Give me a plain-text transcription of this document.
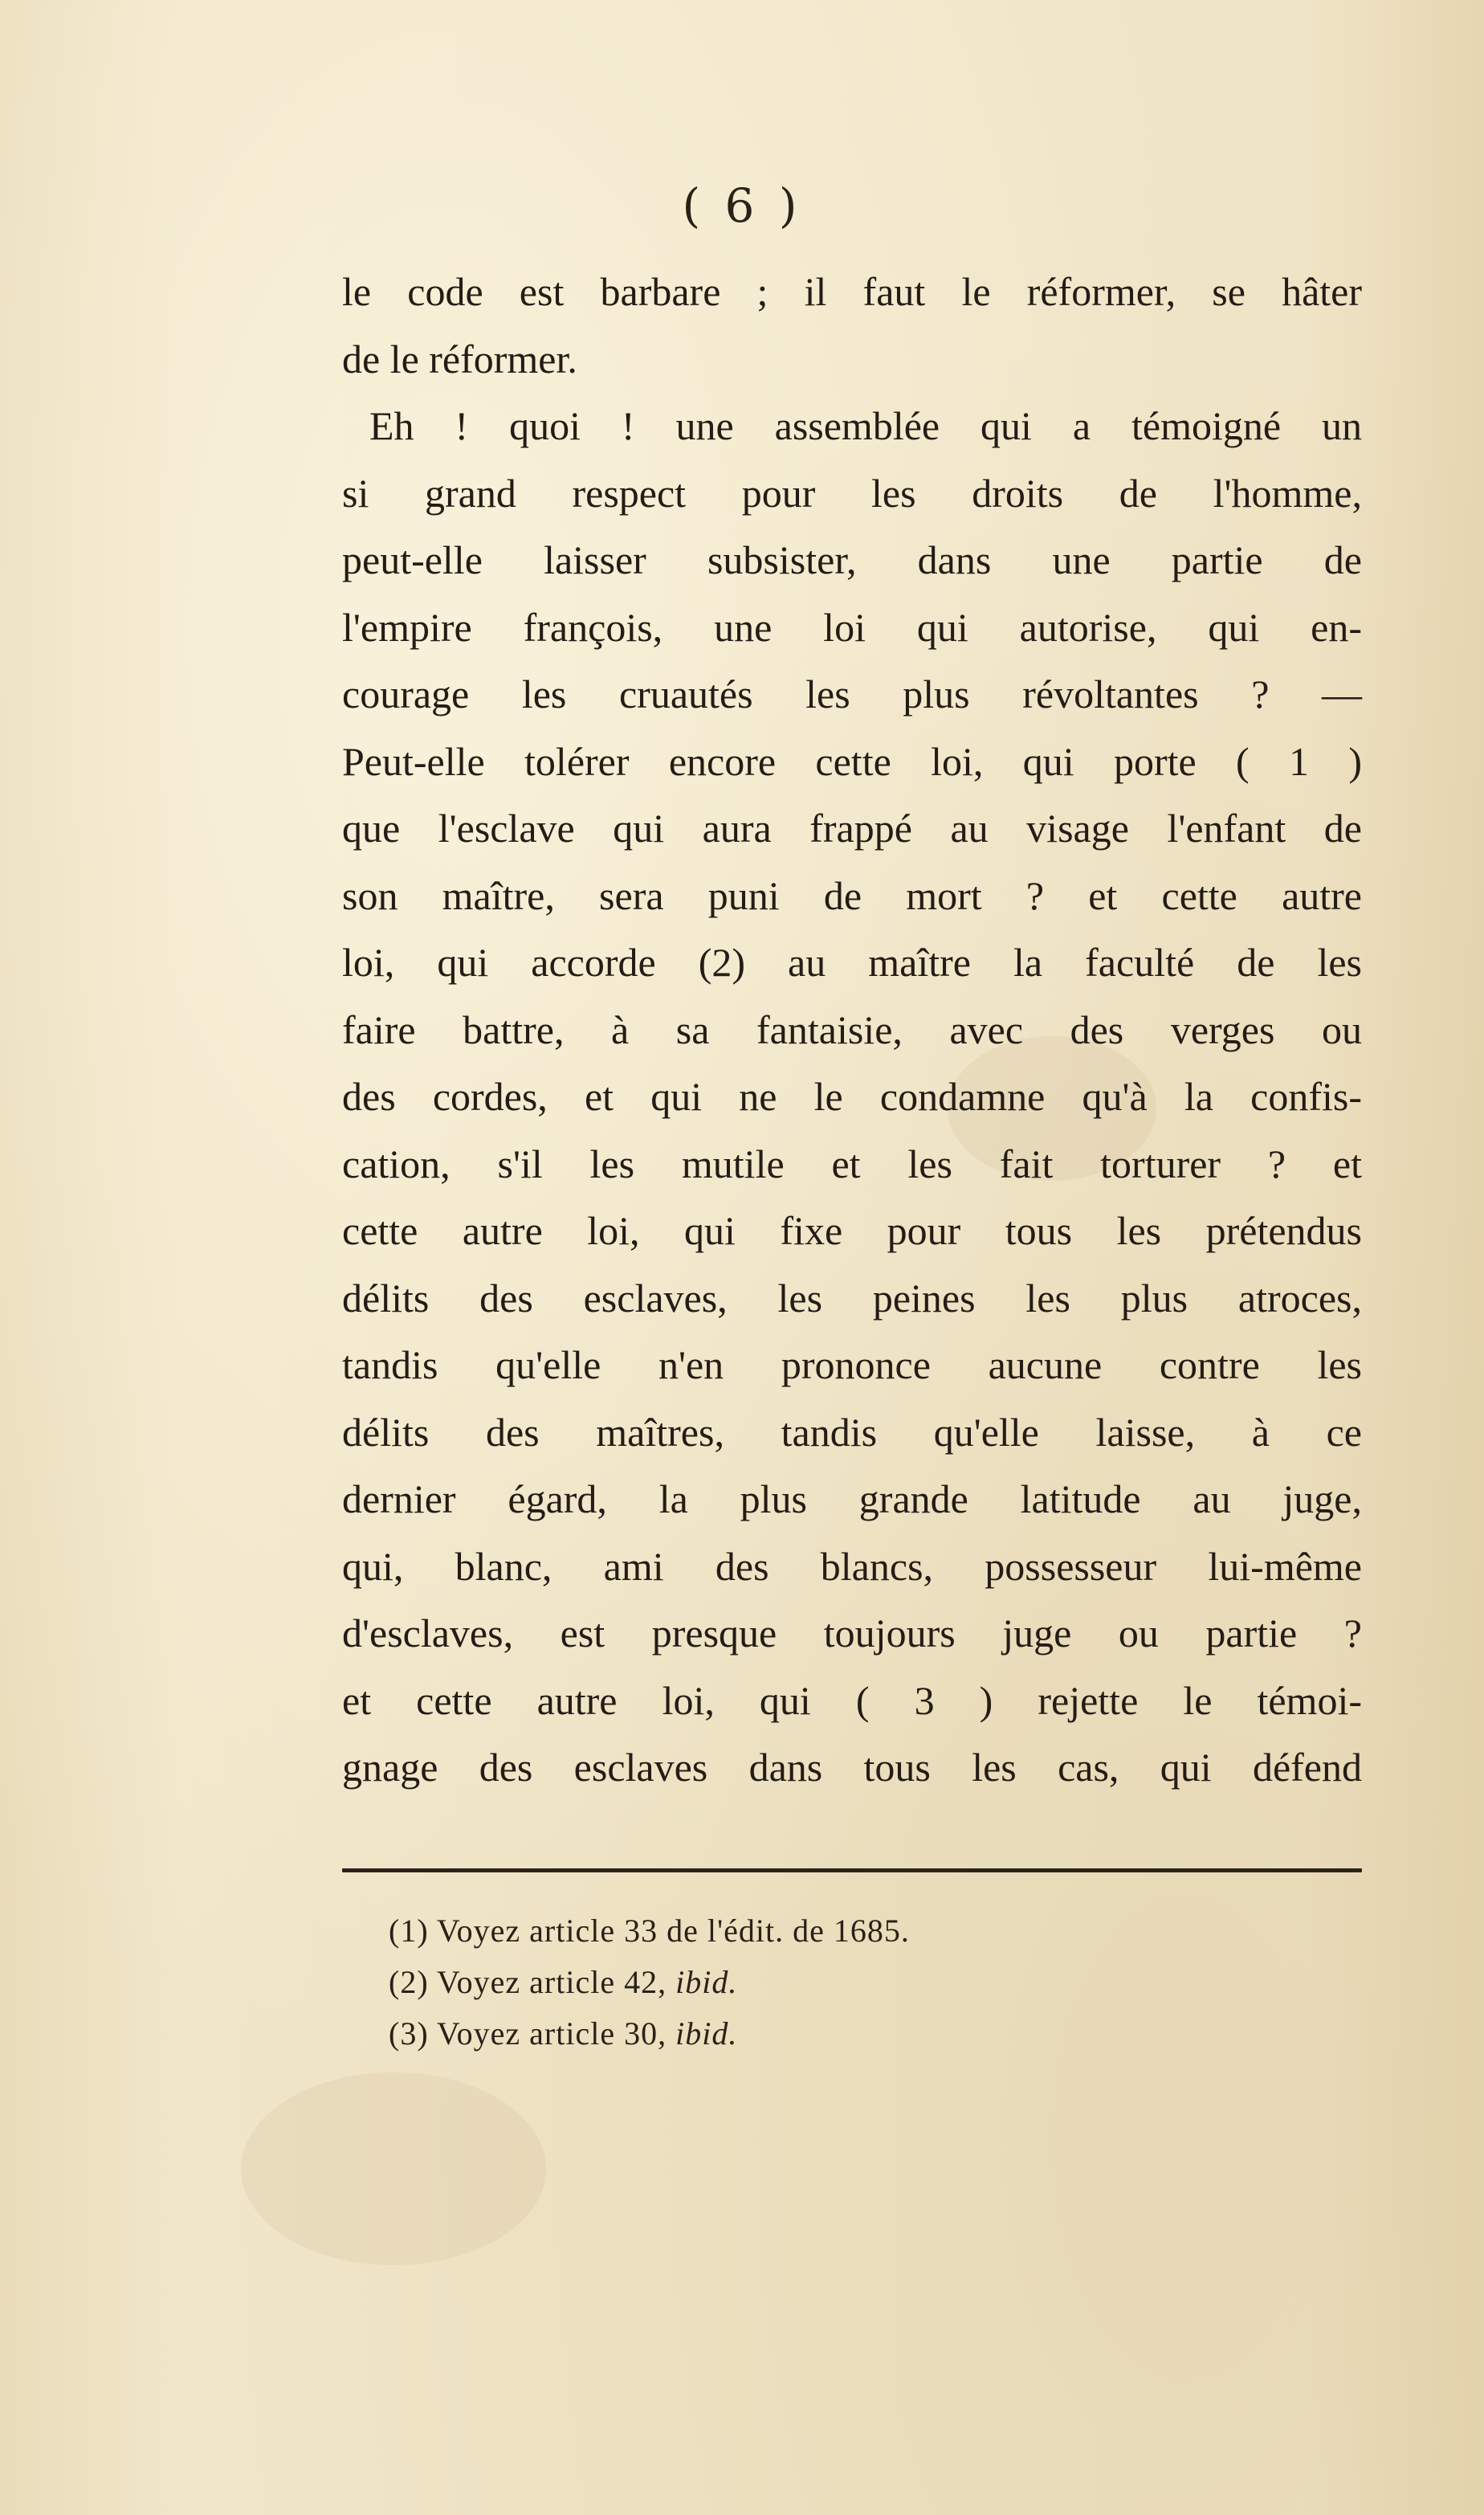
( 6 )
le code est barbare ; il faut le réformer, se hâter
de le réformer.
Eh ! quoi ! une assemblée qui a témoigné un
si grand respect pour les droits de l'homme,
peut-elle laisser subsister, dans une partie de
l'empire françois, une loi qui autorise, qui en-
courage les cruautés les plus révoltantes ? —
Peut-elle tolérer encore cette loi, qui porte ( 1 )
que l'esclave qui aura frappé au visage l'enfant de
son maître, sera puni de mort ? et cette autre
loi, qui accorde (2) au maître la faculté de les
faire battre, à sa fantaisie, avec des verges ou
des cordes, et qui ne le condamne qu'à la confis-
cation, s'il les mutile et les fait torturer ? et
cette autre loi, qui fixe pour tous les prétendus
délits des esclaves, les peines les plus atroces,
tandis qu'elle n'en prononce aucune contre les
délits des maîtres, tandis qu'elle laisse, à ce
dernier égard, la plus grande latitude au juge,
qui, blanc, ami des blancs, possesseur lui-même
d'esclaves, est presque toujours juge ou partie ?
et cette autre loi, qui ( 3 ) rejette le témoi-
gnage des esclaves dans tous les cas, qui défend
(1) Voyez article 33 de l'édit. de 1685.
(2) Voyez article 42, ibid.
(3) Voyez article 30, ibid.
